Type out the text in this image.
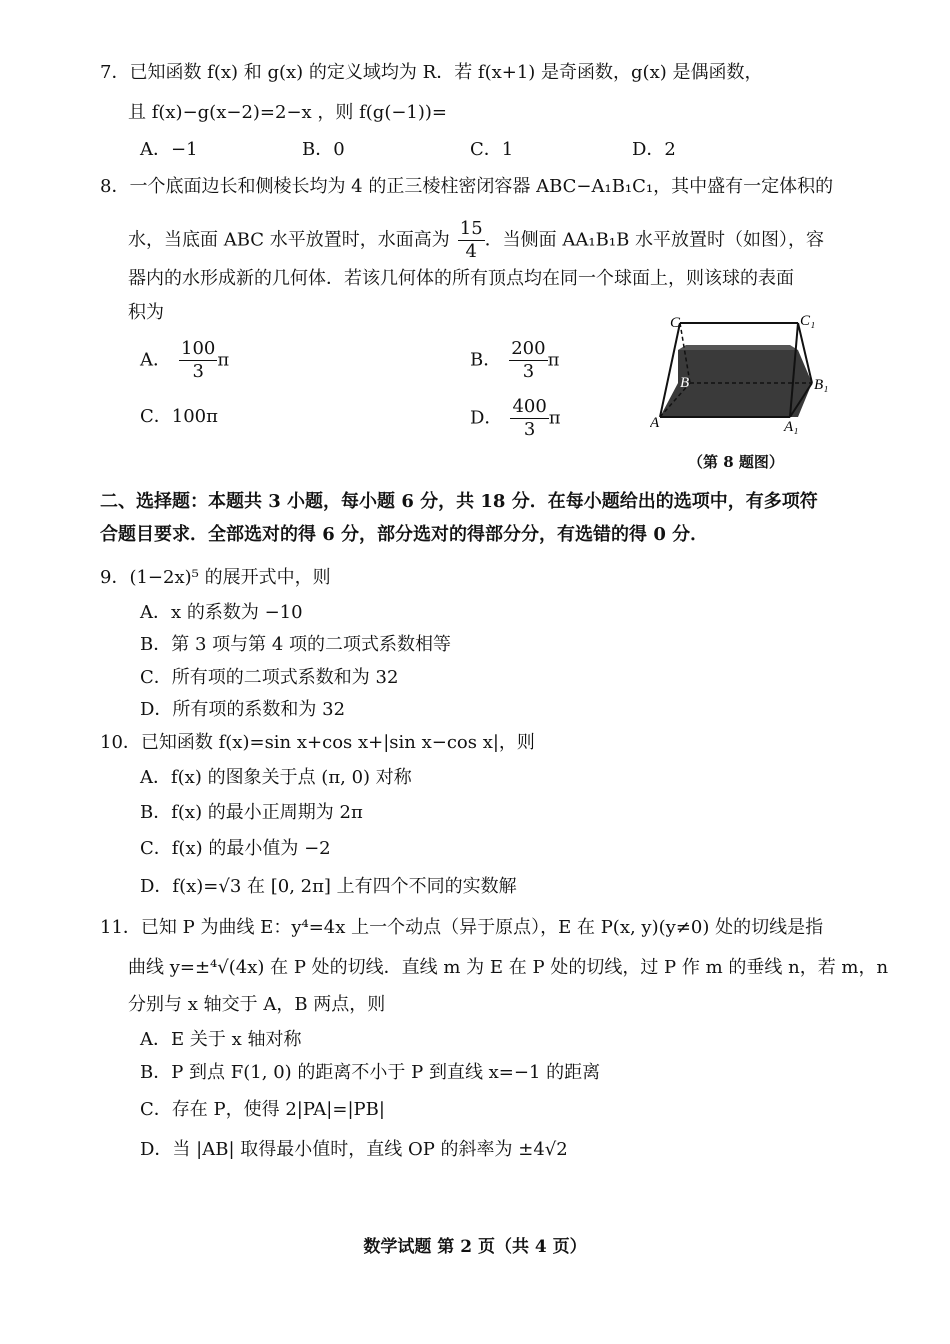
7．已知函数 f(x) 和 g(x) 的定义域均为 R．若 f(x+1) 是奇函数，g(x) 是偶函数，
且 f(x)−g(x−2)=2−x ，则 f(g(−1))=
A．−1	B．0	C．1	D．2
8．一个底面边长和侧棱长均为 4 的正三棱柱密闭容器 ABC−A₁B₁C₁，其中盛有一定体积的
水，当底面 ABC 水平放置时，水面高为 $\frac{15}{4}$ ．当侧面 AA₁B₁B 水平放置时（如图），容
器内的水形成新的几何体．若该几何体的所有顶点均在同一个球面上，则该球的表面
积为
A． $\frac{100}{3}$ π	B． $\frac{200}{3}$ π
C．100π	D． $\frac{400}{3}$ π
C	C₁
B	B₁
A	A₁
（第 8 题图）
二、选择题：本题共 3 小题，每小题 6 分，共 18 分．在每小题给出的选项中，有多项符
合题目要求．全部选对的得 6 分，部分选对的得部分分，有选错的得 0 分．
9．(1−2x)⁵ 的展开式中，则
A．x 的系数为 −10
B．第 3 项与第 4 项的二项式系数相等
C．所有项的二项式系数和为 32
D．所有项的系数和为 32
10．已知函数 f(x)=sin x+cos x+|sin x−cos x|，则
A．f(x) 的图象关于点 (π, 0) 对称
B．f(x) 的最小正周期为 2π
C．f(x) 的最小值为 −2
D．f(x)=√3 在 [0, 2π] 上有四个不同的实数解
11．已知 P 为曲线 E：y⁴=4x 上一个动点（异于原点），E 在 P(x, y)(y≠0) 处的切线是指
曲线 y=±⁴√(4x) 在 P 处的切线．直线 m 为 E 在 P 处的切线，过 P 作 m 的垂线 n，若 m，n
分别与 x 轴交于 A，B 两点，则
A．E 关于 x 轴对称
B．P 到点 F(1, 0) 的距离不小于 P 到直线 x=−1 的距离
C．存在 P，使得 2|PA|=|PB|
D．当 |AB| 取得最小值时，直线 OP 的斜率为 ±4√2
数学试题 第 2 页（共 4 页）
